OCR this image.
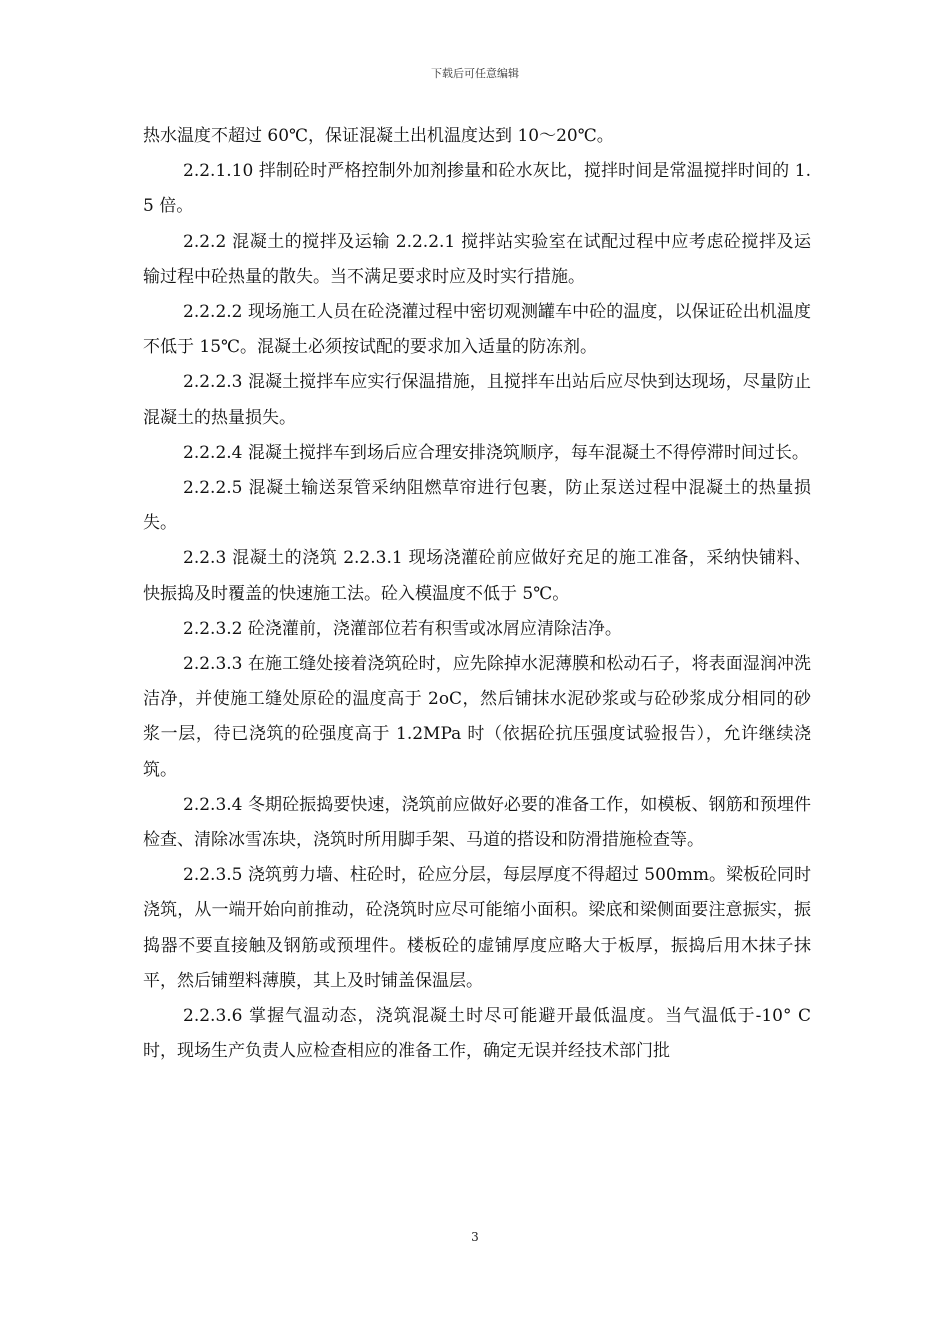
下载后可任意编辑

热水温度不超过 60℃，保证混凝土出机温度达到 10～20℃。

2.2.1.10 拌制砼时严格控制外加剂掺量和砼水灰比，搅拌时间是常温搅拌时间的 1.5 倍。

2.2.2 混凝土的搅拌及运输 2.2.2.1 搅拌站实验室在试配过程中应考虑砼搅拌及运输过程中砼热量的散失。当不满足要求时应及时实行措施。

2.2.2.2 现场施工人员在砼浇灌过程中密切观测罐车中砼的温度，以保证砼出机温度不低于 15℃。混凝土必须按试配的要求加入适量的防冻剂。

2.2.2.3 混凝土搅拌车应实行保温措施，且搅拌车出站后应尽快到达现场，尽量防止混凝土的热量损失。

2.2.2.4 混凝土搅拌车到场后应合理安排浇筑顺序，每车混凝土不得停滞时间过长。

2.2.2.5 混凝土输送泵管采纳阻燃草帘进行包裹，防止泵送过程中混凝土的热量损失。

2.2.3 混凝土的浇筑 2.2.3.1 现场浇灌砼前应做好充足的施工准备，采纳快铺料、快振捣及时覆盖的快速施工法。砼入模温度不低于 5℃。

2.2.3.2 砼浇灌前，浇灌部位若有积雪或冰屑应清除洁净。

2.2.3.3 在施工缝处接着浇筑砼时，应先除掉水泥薄膜和松动石子，将表面湿润冲洗洁净，并使施工缝处原砼的温度高于 2oC，然后铺抹水泥砂浆或与砼砂浆成分相同的砂浆一层，待已浇筑的砼强度高于 1.2MPa 时（依据砼抗压强度试验报告），允许继续浇筑。

2.2.3.4 冬期砼振捣要快速，浇筑前应做好必要的准备工作，如模板、钢筋和预埋件检查、清除冰雪冻块，浇筑时所用脚手架、马道的搭设和防滑措施检查等。

2.2.3.5 浇筑剪力墙、柱砼时，砼应分层，每层厚度不得超过 500mm。梁板砼同时浇筑，从一端开始向前推动，砼浇筑时应尽可能缩小面积。梁底和梁侧面要注意振实，振捣器不要直接触及钢筋或预埋件。楼板砼的虚铺厚度应略大于板厚，振捣后用木抹子抹平，然后铺塑料薄膜，其上及时铺盖保温层。

2.2.3.6 掌握气温动态，浇筑混凝土时尽可能避开最低温度。当气温低于-10° C 时，现场生产负责人应检查相应的准备工作，确定无误并经技术部门批

3
